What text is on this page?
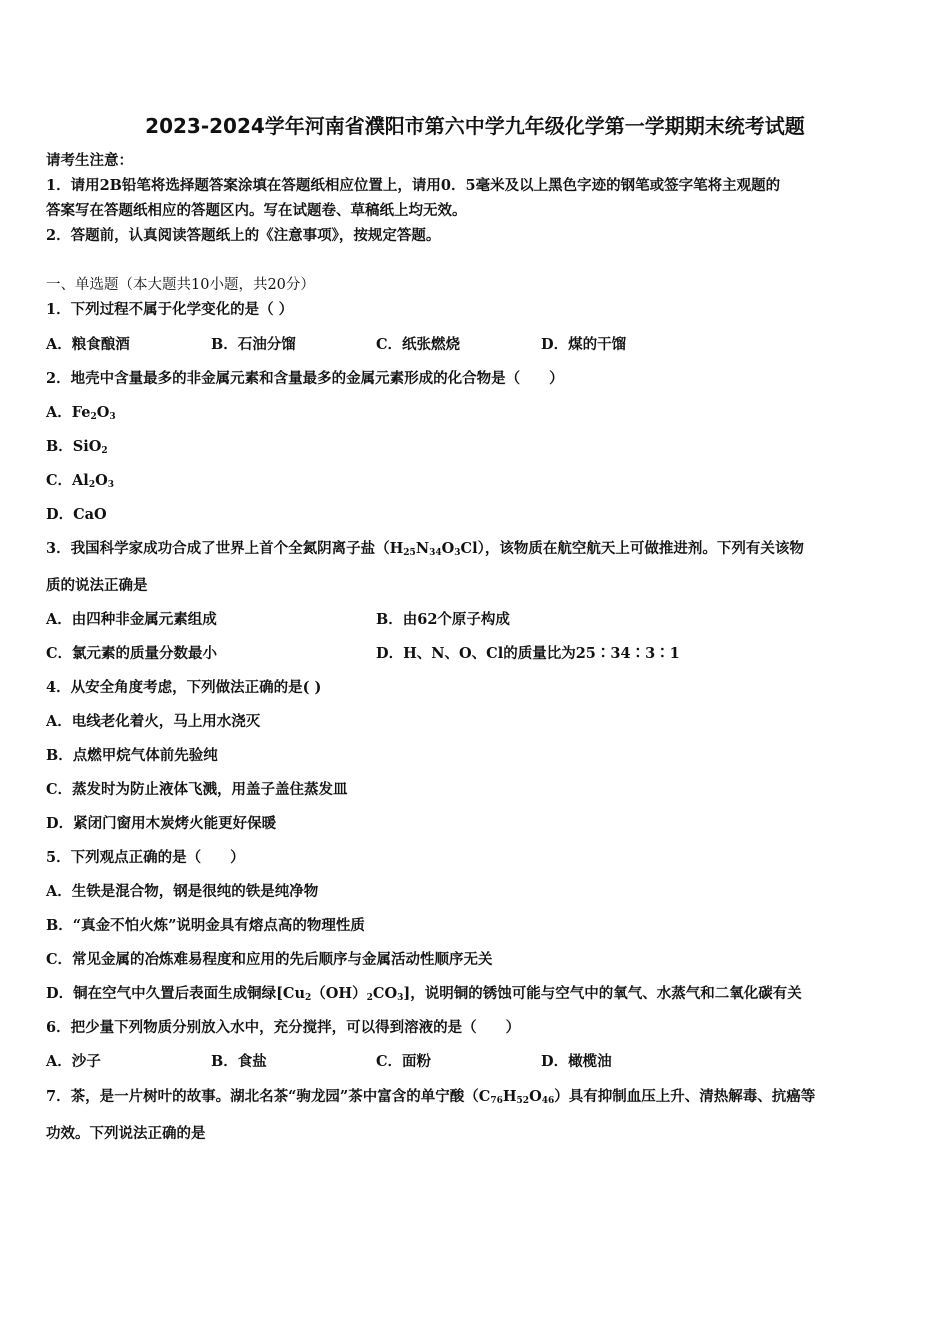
2023-2024学年河南省濮阳市第六中学九年级化学第一学期期末统考试题
请考生注意：
1．请用2B铅笔将选择题答案涂填在答题纸相应位置上，请用0．5毫米及以上黑色字迹的钢笔或签字笔将主观题的
答案写在答题纸相应的答题区内。写在试题卷、草稿纸上均无效。
2．答题前，认真阅读答题纸上的《注意事项》，按规定答题。
一、单选题（本大题共10小题，共20分）
1．下列过程不属于化学变化的是（ ）
A．粮食酿酒	B．石油分馏	C．纸张燃烧	D．煤的干馏
2．地壳中含量最多的非金属元素和含量最多的金属元素形成的化合物是（　　）
A．$Fe_2O_3$
B．SiO$_2$
C．$Al_2O_3$
D．CaO
3．我国科学家成功合成了世界上首个全氮阴离子盐$(H_{25}N_{34}O_3Cl)$，该物质在航空航天上可做推进剂。下列有关该物
质的说法正确是
A．由四种非金属元素组成	B．由62个原子构成
C．氯元素的质量分数最小	D．H、N、O、Cl的质量比为25∶34∶3∶1
4．从安全角度考虑，下列做法正确的是( )
A．电线老化着火，马上用水浇灭
B．点燃甲烷气体前先验纯
C．蒸发时为防止液体飞溅，用盖子盖住蒸发皿
D．紧闭门窗用木炭烤火能更好保暖
5．下列观点正确的是（　　）
A．生铁是混合物，钢是很纯的铁是纯净物
B．“真金不怕火炼”说明金具有熔点高的物理性质
C．常见金属的冶炼难易程度和应用的先后顺序与金属活动性顺序无关
D．铜在空气中久置后表面生成铜绿$[Cu_2(OH)_2CO_3]$，说明铜的锈蚀可能与空气中的氧气、水蒸气和二氧化碳有关
6．把少量下列物质分别放入水中，充分搅拌，可以得到溶液的是（　　）
A．沙子	B．食盐	C．面粉	D．橄榄油
7．茶，是一片树叶的故事。湖北名茶“驹龙园”茶中富含的单宁酸$(C_{76}H_{52}O_{46})$具有抑制血压上升、清热解毒、抗癌等
功效。下列说法正确的是
